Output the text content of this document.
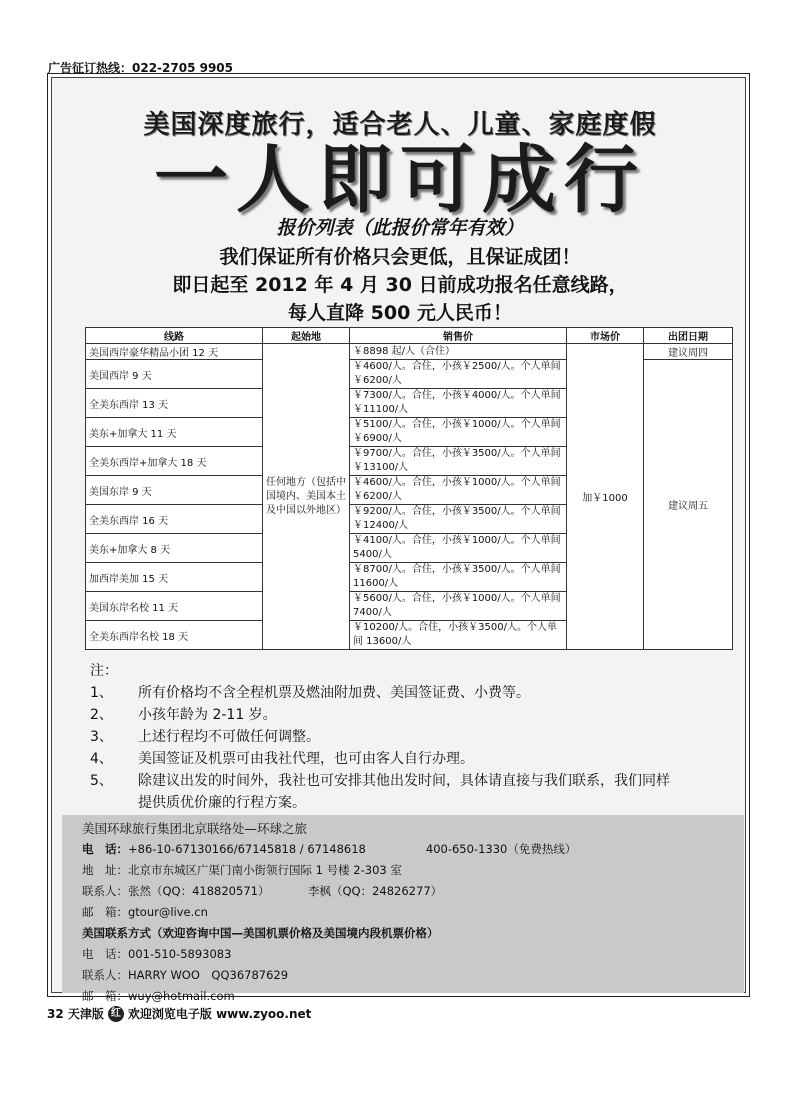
广告征订热线：022-2705 9905
美国深度旅行，适合老人、儿童、家庭度假
一人即可成行
报价列表（此报价常年有效）
我们保证所有价格只会更低，且保证成团！
即日起至 2012 年 4 月 30 日前成功报名任意线路，
每人直降 500 元人民币！
线路	起始地	销售价	市场价	出团日期
美国西岸豪华精品小团 12 天	任何地方（包括中国境内、美国本土及中国以外地区）	￥8898 起/人（合住）	加￥1000	建议周四
美国西岸 9 天		￥4600/人。合住，小孩￥2500/人。个人单间￥6200/人		建议周五
全美东西岸 13 天		￥7300/人。合住，小孩￥4000/人。个人单间￥11100/人		
美东+加拿大 11 天		￥5100/人。合住，小孩￥1000/人。个人单间￥6900/人		
全美东西岸+加拿大 18 天		￥9700/人。合住，小孩￥3500/人。个人单间￥13100/人		
美国东岸 9 天		￥4600/人。合住，小孩￥1000/人。个人单间￥6200/人		
全美东西岸 16 天		￥9200/人。合住，小孩￥3500/人。个人单间￥12400/人		
美东+加拿大 8 天		￥4100/人。合住，小孩￥1000/人。个人单间 5400/人		
加西岸美加 15 天		￥8700/人。合住，小孩￥3500/人。个人单间 11600/人		
美国东岸名校 11 天		￥5600/人。合住，小孩￥1000/人。个人单间 7400/人		
全美东西岸名校 18 天		￥10200/人。合住，小孩￥3500/人。个人单间 13600/人		
注：
1、	所有价格均不含全程机票及燃油附加费、美国签证费、小费等。
2、	小孩年龄为 2-11 岁。
3、	上述行程均不可做任何调整。
4、	美国签证及机票可由我社代理，也可由客人自行办理。
5、	除建议出发的时间外，我社也可安排其他出发时间，具体请直接与我们联系，我们同样提供质优价廉的行程方案。
美国环球旅行集团北京联络处—环球之旅
电　话：+86-10-67130166/67145818 / 67148618	400-650-1330（免费热线）
地　址：北京市东城区广渠门南小街领行国际 1 号楼 2-303 室
联系人：张然（QQ：418820571）	李枫（QQ：24826277）
邮　箱：gtour@live.cn
美国联系方式（欢迎咨询中国—美国机票价格及美国境内段机票价格）
电　话：001-510-5893083
联系人：HARRY WOO　QQ36787629
邮　箱：wuy@hotmail.com
32 天津版 红 欢迎浏览电子版 www.zyoo.net
